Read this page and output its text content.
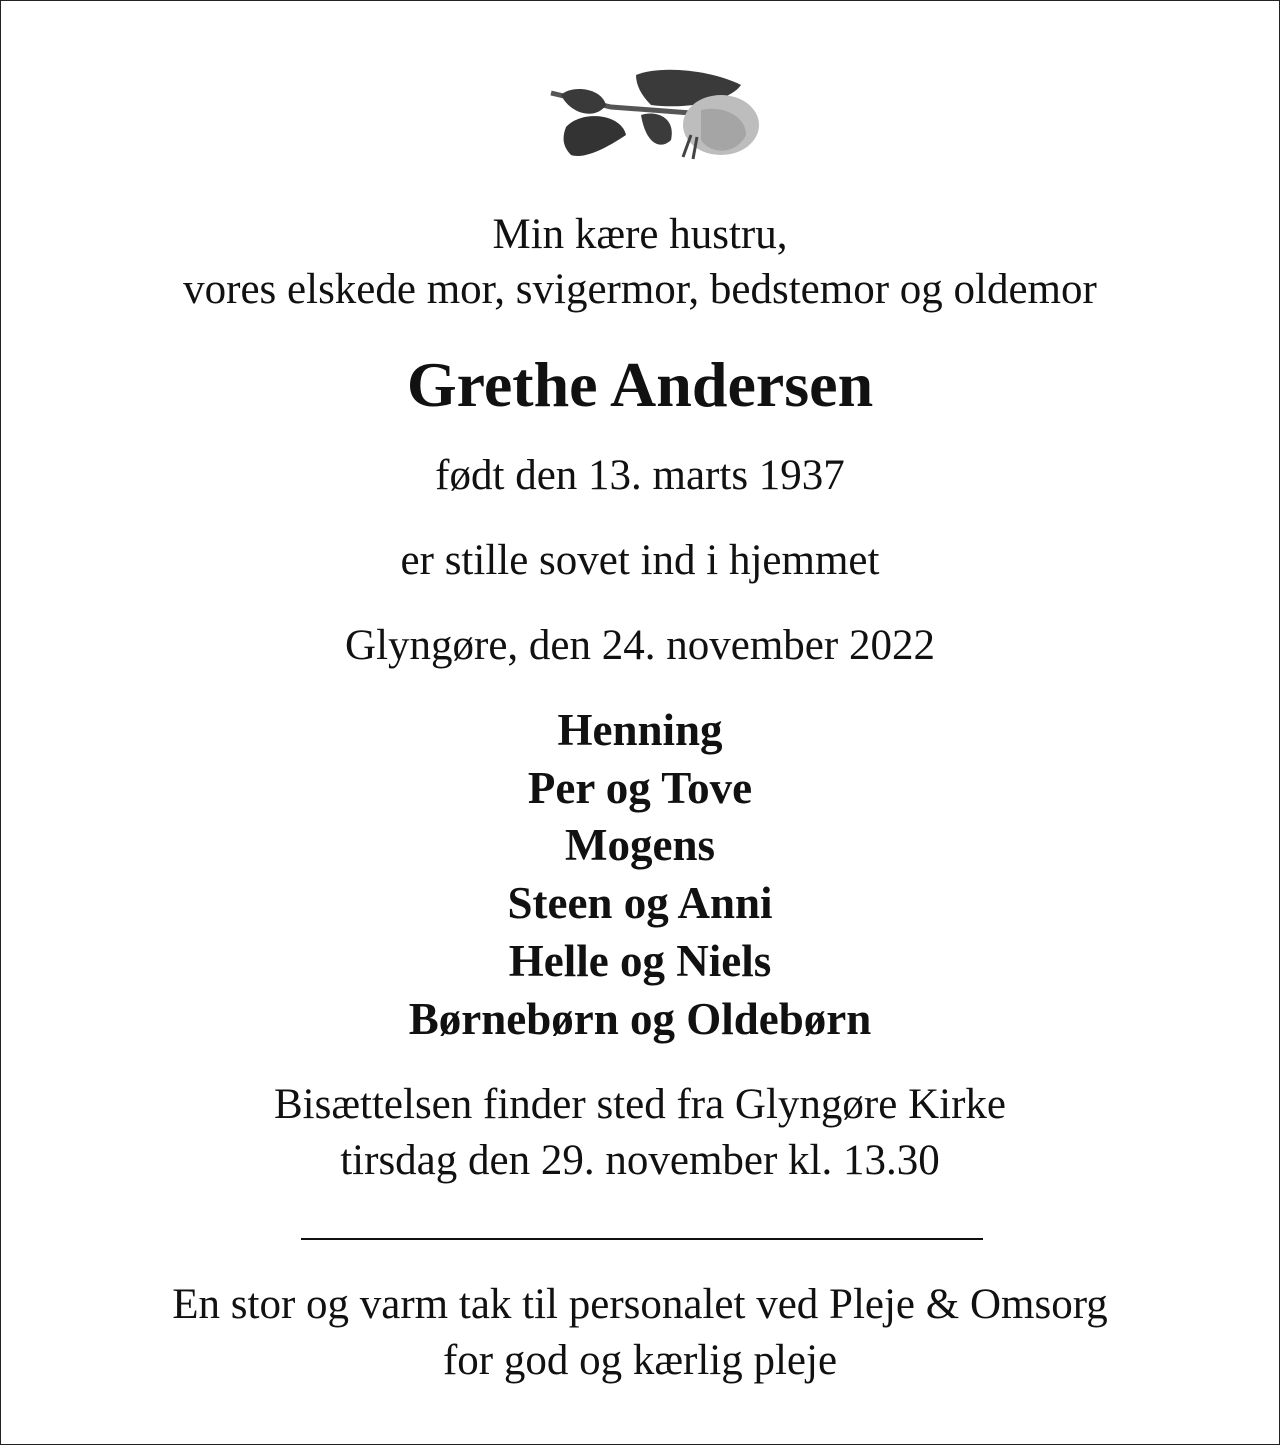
Min kære hustru,
vores elskede mor, svigermor, bedstemor og oldemor
Grethe Andersen
født den 13. marts 1937
er stille sovet ind i hjemmet
Glyngøre, den 24. november 2022
Henning
Per og Tove
Mogens
Steen og Anni
Helle og Niels
Børnebørn og Oldebørn
Bisættelsen finder sted fra Glyngøre Kirke
tirsdag den 29. november kl. 13.30
En stor og varm tak til personalet ved Pleje & Omsorg
for god og kærlig pleje
